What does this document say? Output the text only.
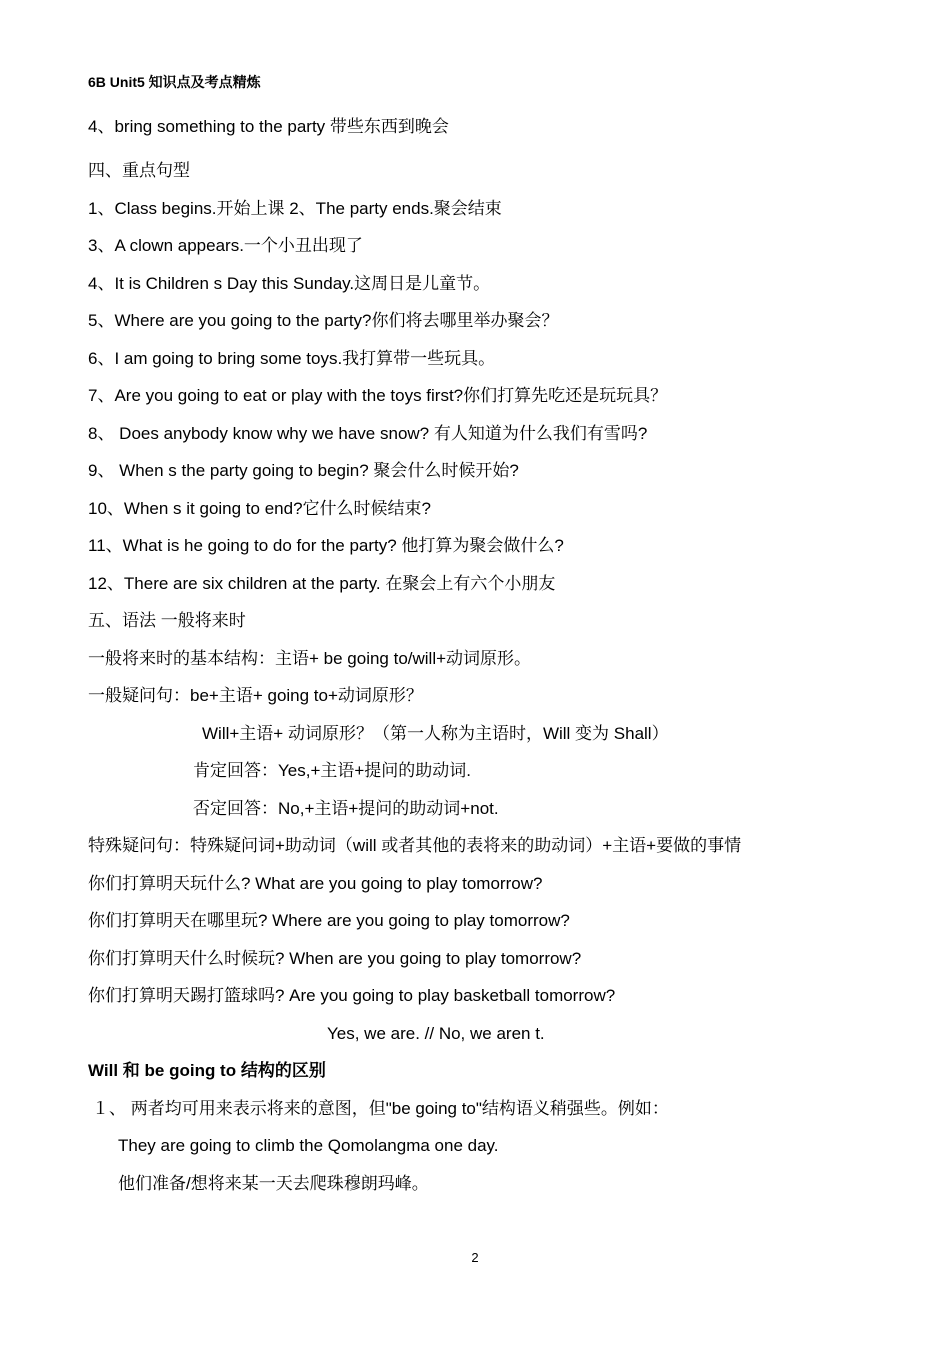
6B Unit5 知识点及考点精炼
4、bring something to the party 带些东西到晚会
四、重点句型
1、Class begins.开始上课 2、The party ends.聚会结束
3、A clown appears.一个小丑出现了
4、It is Children s Day this Sunday.这周日是儿童节。
5、Where are you going to the party?你们将去哪里举办聚会？
6、I am going to bring some toys.我打算带一些玩具。
7、Are you going to eat or play with the toys first?你们打算先吃还是玩玩具？
8、 Does anybody know why we have snow? 有人知道为什么我们有雪吗?
9、 When s the party going to begin? 聚会什么时候开始?
10、When s it going to end?它什么时候结束?
11、What is he going to do for the party? 他打算为聚会做什么?
12、There are six children at the party. 在聚会上有六个小朋友
五、语法 一般将来时
一般将来时的基本结构：主语+ be going to/will+动词原形。
一般疑问句：be+主语+ going to+动词原形？
Will+主语+ 动词原形？（第一人称为主语时，Will 变为 Shall）
肯定回答：Yes,+主语+提问的助动词.
否定回答：No,+主语+提问的助动词+not.
特殊疑问句：特殊疑问词+助动词（will 或者其他的表将来的助动词）+主语+要做的事情
你们打算明天玩什么? What are you going to play tomorrow?
你们打算明天在哪里玩? Where are you going to play tomorrow?
你们打算明天什么时候玩? When are you going to play tomorrow?
你们打算明天踢打篮球吗? Are you going to play basketball tomorrow?
Yes, we are. // No, we aren t.
Will 和 be going to 结构的区别
１、 两者均可用来表示将来的意图，但"be going to"结构语义稍强些。例如：
They are going to climb the Qomolangma one day.
他们准备/想将来某一天去爬珠穆朗玛峰。
2
